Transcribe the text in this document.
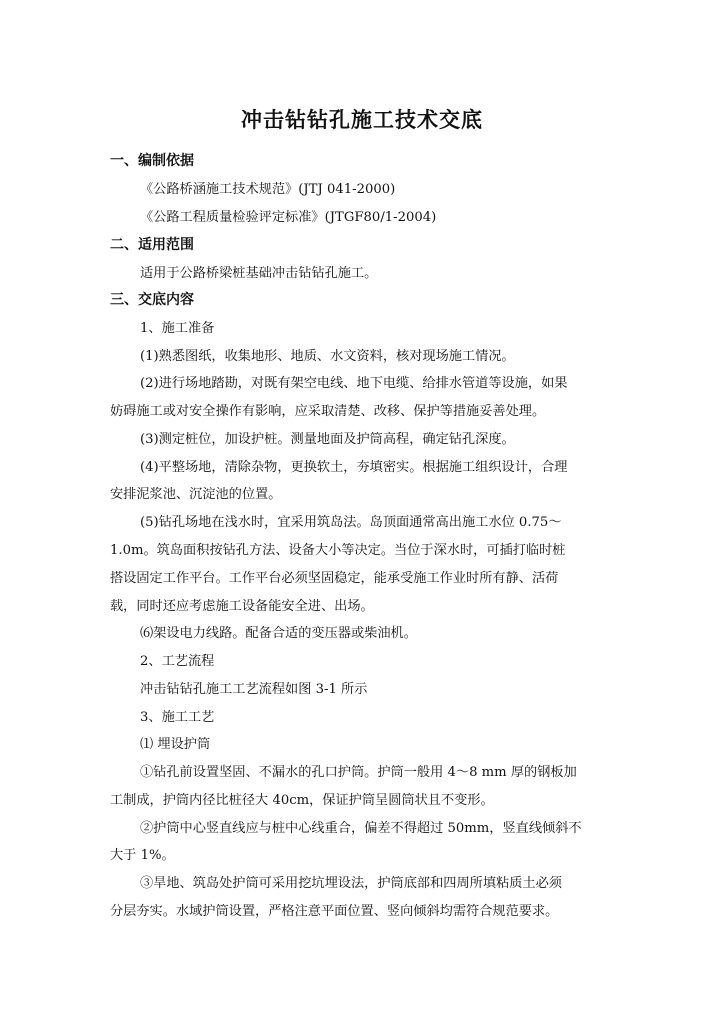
冲击钻钻孔施工技术交底
一、编制依据
《公路桥涵施工技术规范》(JTJ 041-2000)
《公路工程质量检验评定标准》(JTGF80/1-2004)
二、适用范围
适用于公路桥梁桩基础冲击钻钻孔施工。
三、交底内容
1、施工准备
(1)熟悉图纸，收集地形、地质、水文资料，核对现场施工情况。
(2)进行场地踏勘，对既有架空电线、地下电缆、给排水管道等设施，如果
妨碍施工或对安全操作有影响，应采取清楚、改移、保护等措施妥善处理。
(3)测定桩位，加设护桩。测量地面及护筒高程，确定钻孔深度。
(4)平整场地，清除杂物，更换软土，夯填密实。根据施工组织设计，合理
安排泥浆池、沉淀池的位置。
(5)钻孔场地在浅水时，宜采用筑岛法。岛顶面通常高出施工水位 0.75～
1.0m。筑岛面积按钻孔方法、设备大小等决定。当位于深水时，可插打临时桩
搭设固定工作平台。工作平台必须坚固稳定，能承受施工作业时所有静、活荷
载，同时还应考虑施工设备能安全进、出场。
⑹架设电力线路。配备合适的变压器或柴油机。
2、工艺流程
冲击钻钻孔施工工艺流程如图 3-1 所示
3、施工工艺
⑴ 埋设护筒
①钻孔前设置坚固、不漏水的孔口护筒。护筒一般用 4～8 mm 厚的钢板加
工制成，护筒内径比桩径大 40cm，保证护筒呈圆筒状且不变形。
②护筒中心竖直线应与桩中心线重合，偏差不得超过 50mm，竖直线倾斜不
大于 1%。
③旱地、筑岛处护筒可采用挖坑埋设法，护筒底部和四周所填粘质土必须
分层夯实。水域护筒设置，严格注意平面位置、竖向倾斜均需符合规范要求。
